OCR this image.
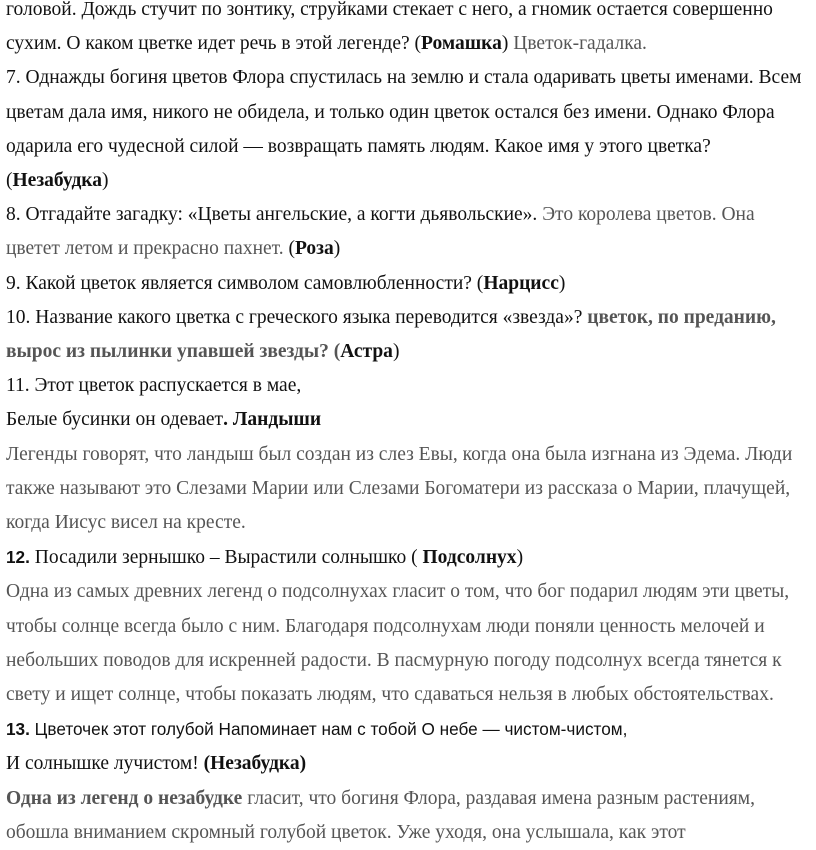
головой. Дождь стучит по зонтику, струйками стекает с него, а гномик остается совершенно

сухим. О каком цветке идет речь в этой легенде? (Ромашка) Цветок-гадалка.

7. Однажды богиня цветов Флора спустилась на землю и стала одаривать цветы именами. Всем

цветам дала имя, никого не обидела, и только один цветок остался без имени. Однако Флора

одарила его чудесной силой — возвращать память людям. Какое имя у этого цветка?

(Незабудка)

8. Отгадайте загадку: «Цветы ангельские, а когти дьявольские». Это королева цветов. Она

цветет летом и прекрасно пахнет. (Роза)

9. Какой цветок является символом самовлюбленности? (Нарцисс)

10. Название какого цветка с греческого языка переводится «звезда»? цветок, по преданию,

вырос из пылинки упавшей звезды? (Астра)

11. Этот цветок распускается в мае,

Белые бусинки он одевает. Ландыши

Легенды говорят, что ландыш был создан из слез Евы, когда она была изгнана из Эдема. Люди

также называют это Слезами Марии или Слезами Богоматери из рассказа о Марии, плачущей,

когда Иисус висел на кресте.

12. Посадили зернышко – Вырастили солнышко ( Подсолнух)

Одна из самых древних легенд о подсолнухах гласит о том, что бог подарил людям эти цветы,

чтобы солнце всегда было с ним. Благодаря подсолнухам люди поняли ценность мелочей и

небольших поводов для искренней радости. В пасмурную погоду подсолнух всегда тянется к

свету и ищет солнце, чтобы показать людям, что сдаваться нельзя в любых обстоятельствах.

13. Цветочек этот голубой Напоминает нам с тобой О небе — чистом-чистом,

И солнышке лучистом! (Незабудка)

Одна из легенд о незабудке гласит, что богиня Флора, раздавая имена разным растениям,

обошла вниманием скромный голубой цветок. Уже уходя, она услышала, как этот
